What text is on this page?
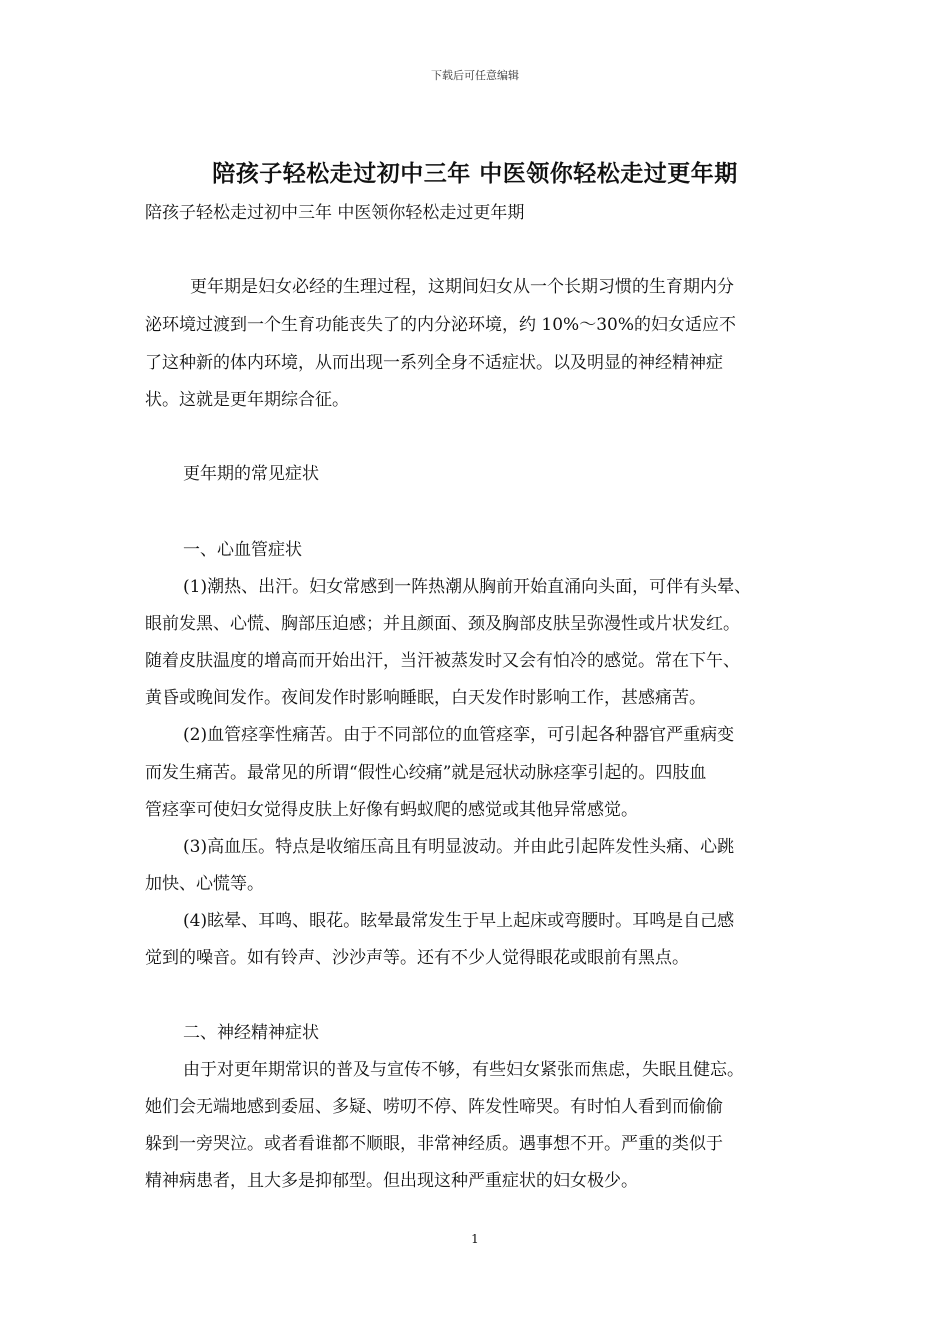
下载后可任意编辑
陪孩子轻松走过初中三年 中医领你轻松走过更年期
陪孩子轻松走过初中三年 中医领你轻松走过更年期
更年期是妇女必经的生理过程，这期间妇女从一个长期习惯的生育期内分
泌环境过渡到一个生育功能丧失了的内分泌环境，约 10%～30%的妇女适应不
了这种新的体内环境，从而出现一系列全身不适症状。以及明显的神经精神症
状。这就是更年期综合征。
更年期的常见症状
一、心血管症状
(1)潮热、出汗。妇女常感到一阵热潮从胸前开始直涌向头面，可伴有头晕、
眼前发黑、心慌、胸部压迫感；并且颜面、颈及胸部皮肤呈弥漫性或片状发红。
随着皮肤温度的增高而开始出汗，当汗被蒸发时又会有怕冷的感觉。常在下午、
黄昏或晚间发作。夜间发作时影响睡眠，白天发作时影响工作，甚感痛苦。
(2)血管痉挛性痛苦。由于不同部位的血管痉挛，可引起各种器官严重病变
而发生痛苦。最常见的所谓“假性心绞痛”就是冠状动脉痉挛引起的。四肢血
管痉挛可使妇女觉得皮肤上好像有蚂蚁爬的感觉或其他异常感觉。
(3)高血压。特点是收缩压高且有明显波动。并由此引起阵发性头痛、心跳
加快、心慌等。
(4)眩晕、耳鸣、眼花。眩晕最常发生于早上起床或弯腰时。耳鸣是自己感
觉到的噪音。如有铃声、沙沙声等。还有不少人觉得眼花或眼前有黑点。
二、神经精神症状
由于对更年期常识的普及与宣传不够，有些妇女紧张而焦虑，失眠且健忘。
她们会无端地感到委屈、多疑、唠叨不停、阵发性啼哭。有时怕人看到而偷偷
躲到一旁哭泣。或者看谁都不顺眼，非常神经质。遇事想不开。严重的类似于
精神病患者，且大多是抑郁型。但出现这种严重症状的妇女极少。
1
